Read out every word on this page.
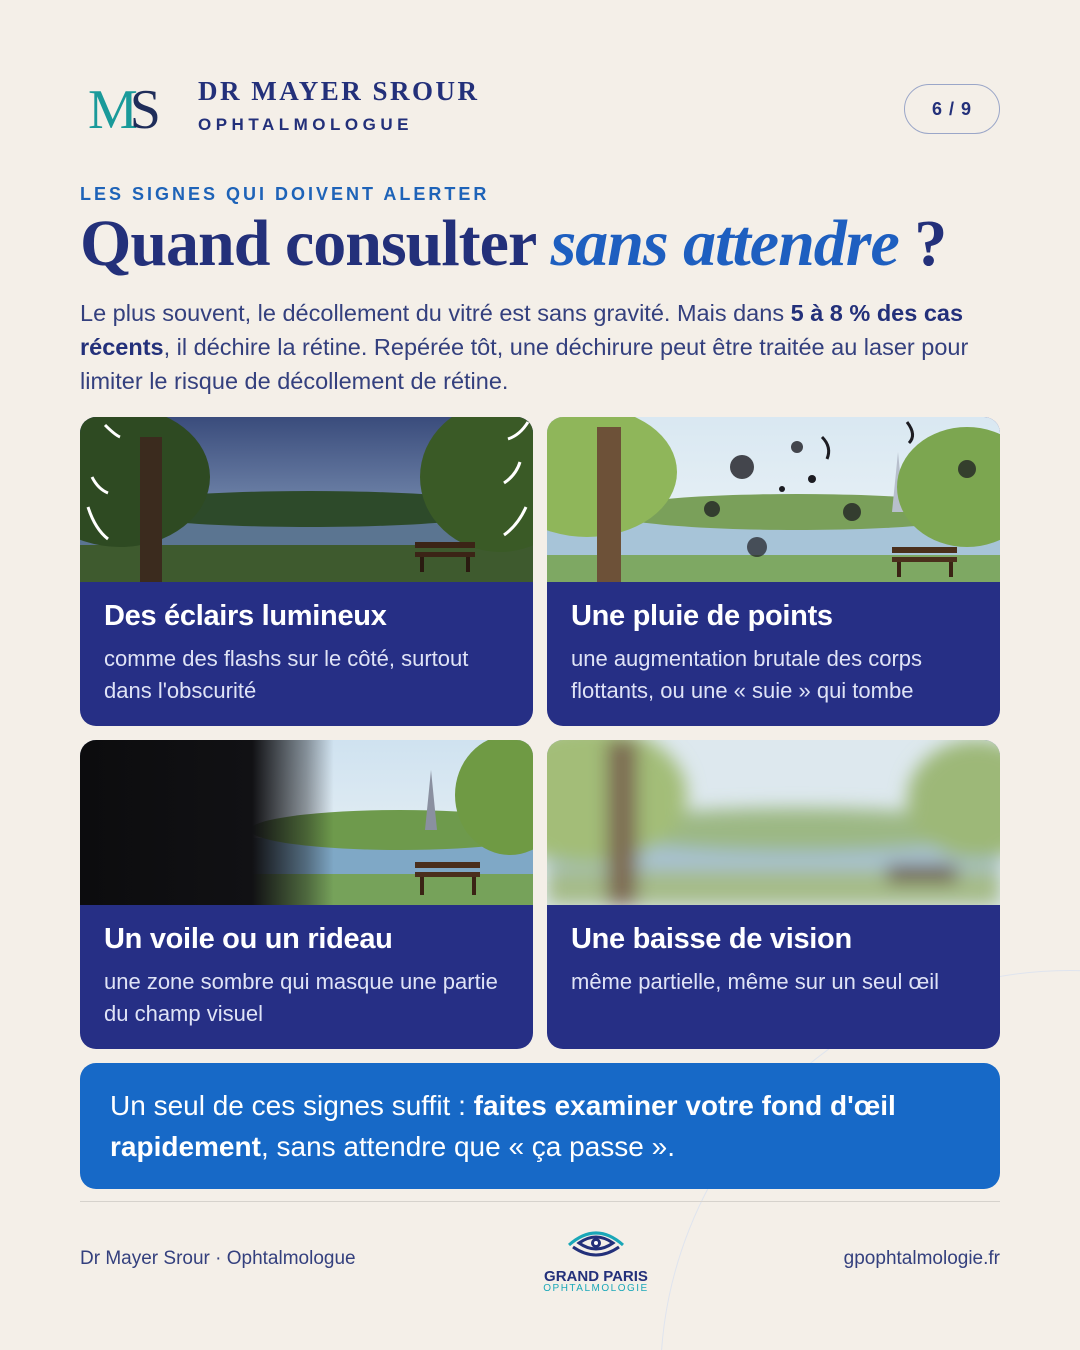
MS	DR MAYER SROUR
OPHTALMOLOGUE
6 / 9
LES SIGNES QUI DOIVENT ALERTER
Quand consulter sans attendre ?

Le plus souvent, le décollement du vitré est sans gravité. Mais dans 5 à 8 % des cas récents, il déchire la rétine. Repérée tôt, une déchirure peut être traitée au laser pour limiter le risque de décollement de rétine.

Des éclairs lumineux

comme des flashs sur le côté, surtout dans l'obscurité

Une pluie de points

une augmentation brutale des corps flottants, ou une « suie » qui tombe

Un voile ou un rideau

une zone sombre qui masque une partie du champ visuel

Une baisse de vision

même partielle, même sur un seul œil

Un seul de ces signes suffit : faites examiner votre fond d'œil rapidement, sans attendre que « ça passe ».
Dr Mayer Srour · Ophtalmologue
GRAND PARIS
OPHTALMOLOGIE
gpophtalmologie.fr
